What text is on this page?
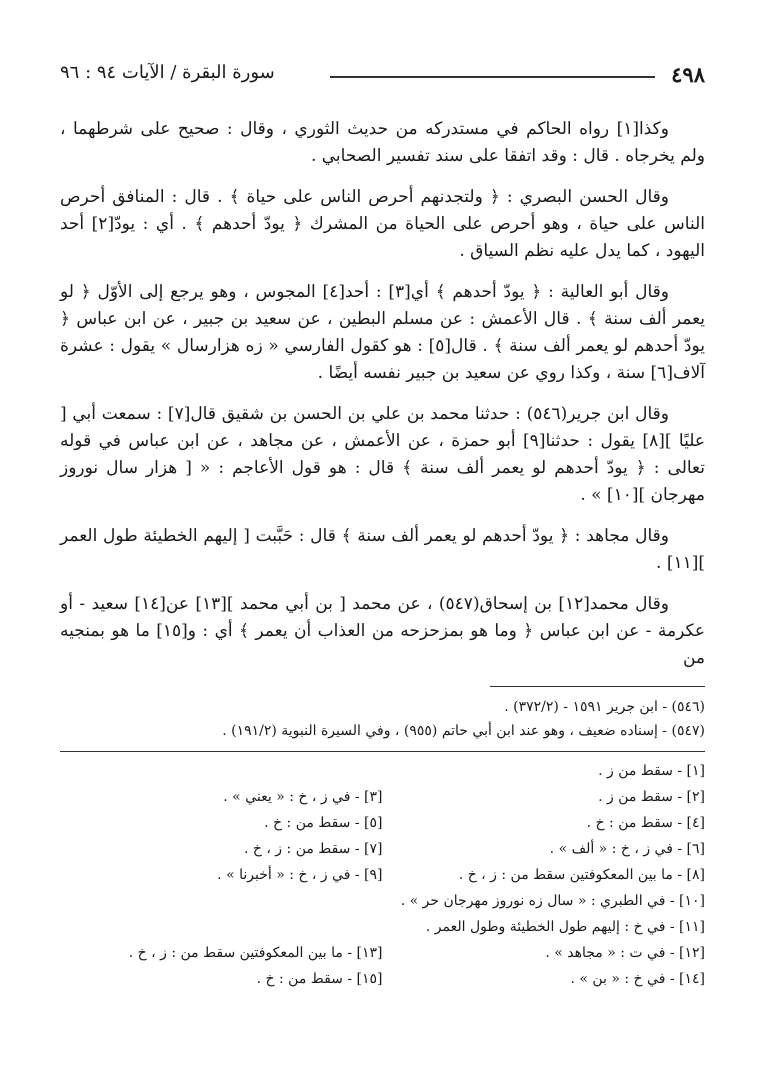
٤٩٨
سورة البقرة / الآيات ٩٤ : ٩٦

وكذا[١] رواه الحاكم في مستدركه من حديث الثوري ، وقال : صحيح على شرطهما ، ولم يخرجاه . قال : وقد اتفقا على سند تفسير الصحابي .

وقال الحسن البصري : ﴿ ولتجدنهم أحرص الناس على حياة ﴾ . قال : المنافق أحرص الناس على حياة ، وهو أحرص على الحياة من المشرك ﴿ يودّ أحدهم ﴾ . أي : يودّ[٢] أحد اليهود ، كما يدل عليه نظم السياق .

وقال أبو العالية : ﴿ يودّ أحدهم ﴾ أي[٣] : أحد[٤] المجوس ، وهو يرجع إلى الأوّل ﴿ لو يعمر ألف سنة ﴾ . قال الأعمش : عن مسلم البطين ، عن سعيد بن جبير ، عن ابن عباس ﴿ يودّ أحدهم لو يعمر ألف سنة ﴾ . قال[٥] : هو كقول الفارسي « زه هزارسال » يقول : عشرة آلاف[٦] سنة ، وكذا روي عن سعيد بن جبير نفسه أيضًا .

وقال ابن جرير(٥٤٦) : حدثنا محمد بن علي بن الحسن بن شقيق قال[٧] : سمعت أبي [ عليًا ][٨] يقول : حدثنا[٩] أبو حمزة ، عن الأعمش ، عن مجاهد ، عن ابن عباس في قوله تعالى : ﴿ يودّ أحدهم لو يعمر ألف سنة ﴾ قال : هو قول الأعاجم : « [ هزار سال نوروز مهرجان ][١٠] » .

وقال مجاهد : ﴿ يودّ أحدهم لو يعمر ألف سنة ﴾ قال : حَبَّبت [ إليهم الخطيئة طول العمر ][١١] .

وقال محمد[١٢] بن إسحاق(٥٤٧) ، عن محمد [ بن أبي محمد ][١٣] عن[١٤] سعيد - أو عكرمة - عن ابن عباس ﴿ وما هو بمزحزحه من العذاب أن يعمر ﴾ أي : و[١٥] ما هو بمنجيه من

(٥٤٦) - ابن جرير ١٥٩١ - (٣٧٢/٢) .
(٥٤٧) - إسناده ضعيف ، وهو عند ابن أبي حاتم (٩٥٥) ، وفي السيرة النبوية (١٩١/٢) .
[١] - سقط من ز .
[٢] - سقط من ز .
[٣] - في ز ، خ : « يعني » .
[٤] - سقط من : خ .
[٥] - سقط من : خ .
[٦] - في ز ، خ : « ألف » .
[٧] - سقط من : ز ، خ .
[٨] - ما بين المعكوفتين سقط من : ز ، خ .
[٩] - في ز ، خ : « أخبرنا » .
[١٠] - في الطبري : « سال زه نوروز مهرجان حر » .
[١١] - في خ : إليهم طول الخطيئة وطول العمر .
[١٢] - في ت : « مجاهد » .
[١٣] - ما بين المعكوفتين سقط من : ز ، خ .
[١٤] - في خ : « بن » .
[١٥] - سقط من : خ .
